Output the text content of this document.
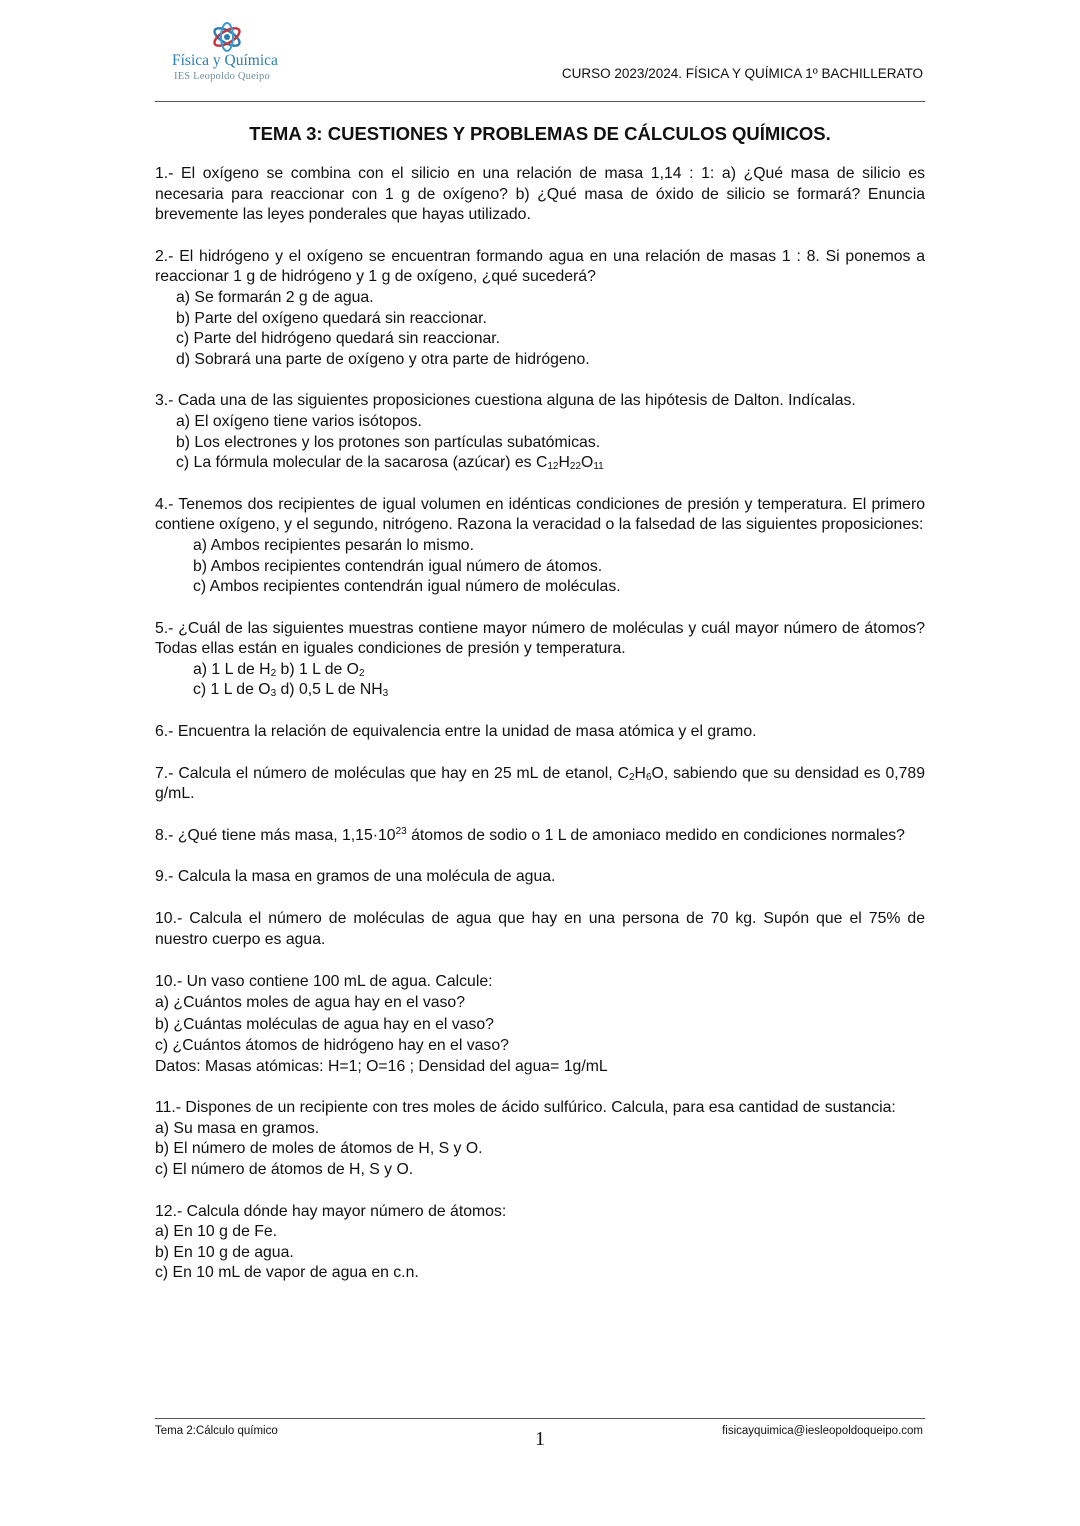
Física y Química
IES Leopoldo Queipo	CURSO 2023/2024. FÍSICA Y QUÍMICA 1º BACHILLERATO
TEMA 3: CUESTIONES Y PROBLEMAS DE CÁLCULOS QUÍMICOS.

1.- El oxígeno se combina con el silicio en una relación de masa 1,14 : 1: a) ¿Qué masa de silicio es necesaria para reaccionar con 1 g de oxígeno? b) ¿Qué masa de óxido de silicio se formará? Enuncia brevemente las leyes ponderales que hayas utilizado.

2.- El hidrógeno y el oxígeno se encuentran formando agua en una relación de masas 1 : 8. Si ponemos a reaccionar 1 g de hidrógeno y 1 g de oxígeno, ¿qué sucederá?

a) Se formarán 2 g de agua.

b) Parte del oxígeno quedará sin reaccionar.

c) Parte del hidrógeno quedará sin reaccionar.

d) Sobrará una parte de oxígeno y otra parte de hidrógeno.

3.- Cada una de las siguientes proposiciones cuestiona alguna de las hipótesis de Dalton. Indícalas.

a) El oxígeno tiene varios isótopos.

b) Los electrones y los protones son partículas subatómicas.

c) La fórmula molecular de la sacarosa (azúcar) es $C_{12}H_{22}O_{11}$

4.- Tenemos dos recipientes de igual volumen en idénticas condiciones de presión y temperatura. El primero contiene oxígeno, y el segundo, nitrógeno. Razona la veracidad o la falsedad de las siguientes proposiciones:

a) Ambos recipientes pesarán lo mismo.

b) Ambos recipientes contendrán igual número de átomos.

c) Ambos recipientes contendrán igual número de moléculas.

5.- ¿Cuál de las siguientes muestras contiene mayor número de moléculas y cuál mayor número de átomos? Todas ellas están en iguales condiciones de presión y temperatura.

a) 1 L de $H_2$ b) 1 L de $O_2$

c) 1 L de $O_3$ d) 0,5 L de $NH_3$

6.- Encuentra la relación de equivalencia entre la unidad de masa atómica y el gramo.

7.- Calcula el número de moléculas que hay en 25 mL de etanol, $C_2H_6O$, sabiendo que su densidad es 0,789 g/mL.

8.- ¿Qué tiene más masa, $1,15\cdot 10^{23}$ átomos de sodio o 1 L de amoniaco medido en condiciones normales?

9.- Calcula la masa en gramos de una molécula de agua.

10.- Calcula el número de moléculas de agua que hay en una persona de 70 kg. Supón que el 75% de nuestro cuerpo es agua.

10.- Un vaso contiene 100 mL de agua. Calcule:

a) ¿Cuántos moles de agua hay en el vaso?

b) ¿Cuántas moléculas de agua hay en el vaso?

c) ¿Cuántos átomos de hidrógeno hay en el vaso?

Datos: Masas atómicas: H=1; O=16 ; Densidad del agua= 1g/mL

11.- Dispones de un recipiente con tres moles de ácido sulfúrico. Calcula, para esa cantidad de sustancia:

a) Su masa en gramos.

b) El número de moles de átomos de H, S y O.

c) El número de átomos de H, S y O.

12.- Calcula dónde hay mayor número de átomos:

a) En 10 g de Fe.

b) En 10 g de agua.

c) En 10 mL de vapor de agua en c.n.

Tema 2:Cálculo químico	1	fisicayquimica@iesleopoldoqueipo.com
